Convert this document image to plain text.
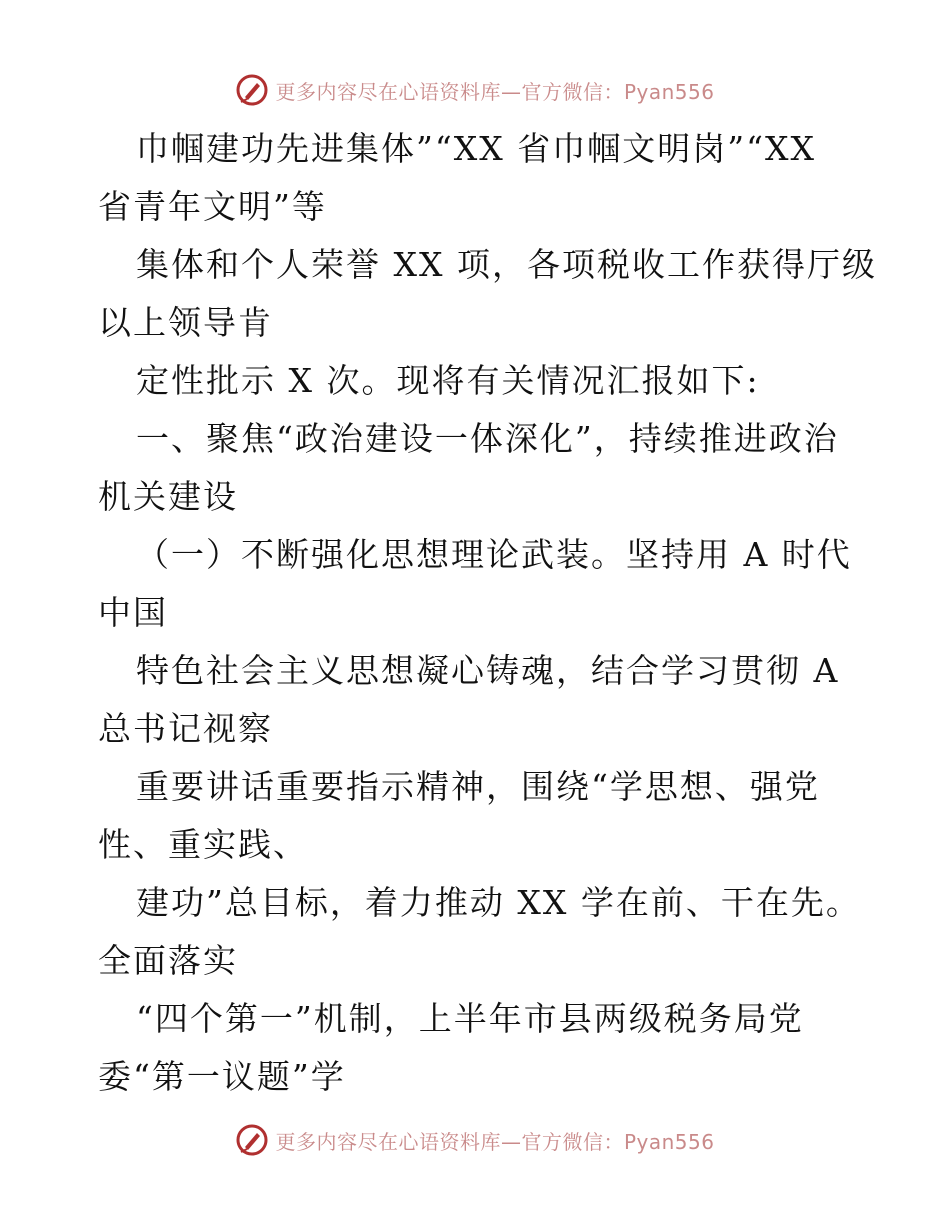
更多内容尽在心语资料库—官方微信：Pyan556
巾帼建功先进集体”“XX 省巾帼文明岗”“XX
省青年文明”等
集体和个人荣誉 XX 项，各项税收工作获得厅级
以上领导肯
定性批示 X 次。现将有关情况汇报如下:
一、聚焦“政治建设一体深化”，持续推进政治
机关建设
（一）不断强化思想理论武装。坚持用 A 时代
中国
特色社会主义思想凝心铸魂，结合学习贯彻 A
总书记视察
重要讲话重要指示精神，围绕“学思想、强党
性、重实践、
建功”总目标，着力推动 XX 学在前、干在先。
全面落实
“四个第一”机制，上半年市县两级税务局党
委“第一议题”学
更多内容尽在心语资料库—官方微信：Pyan556
